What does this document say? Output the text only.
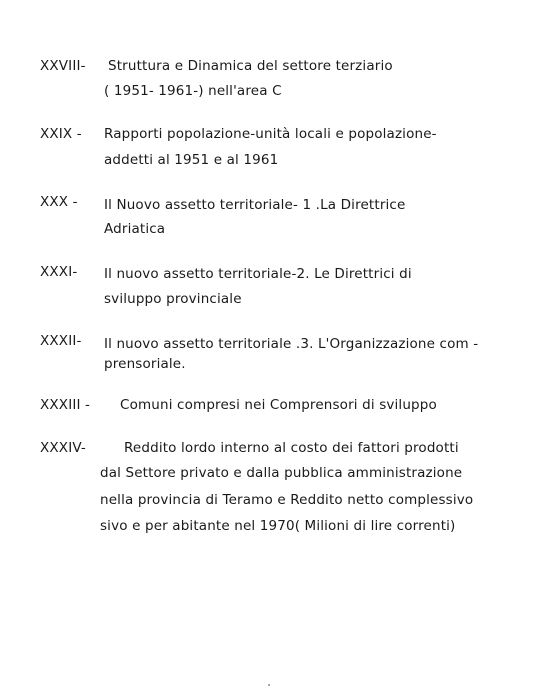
XXVIII- Struttura e Dinamica del settore terziario
( 1951- 1961-) nell'area C
XXIX - Rapporti popolazione-unità locali e popolazione-
addetti al 1951 e al 1961
XXX - Il Nuovo assetto territoriale- 1 .La Direttrice
Adriatica
XXXI- Il nuovo assetto territoriale-2. Le Direttrici di
sviluppo provinciale
XXXII- Il nuovo assetto territoriale .3. L'Organizzazione com -
prensoriale.
XXXIII - Comuni compresi nei Comprensori di sviluppo
XXXIV-	Reddito lordo interno al costo dei fattori prodotti
dal Settore privato e dalla pubblica amministrazione
nella provincia di Teramo e Reddito netto complessivo
sivo e per abitante nel 1970( Milioni di lire correnti)
